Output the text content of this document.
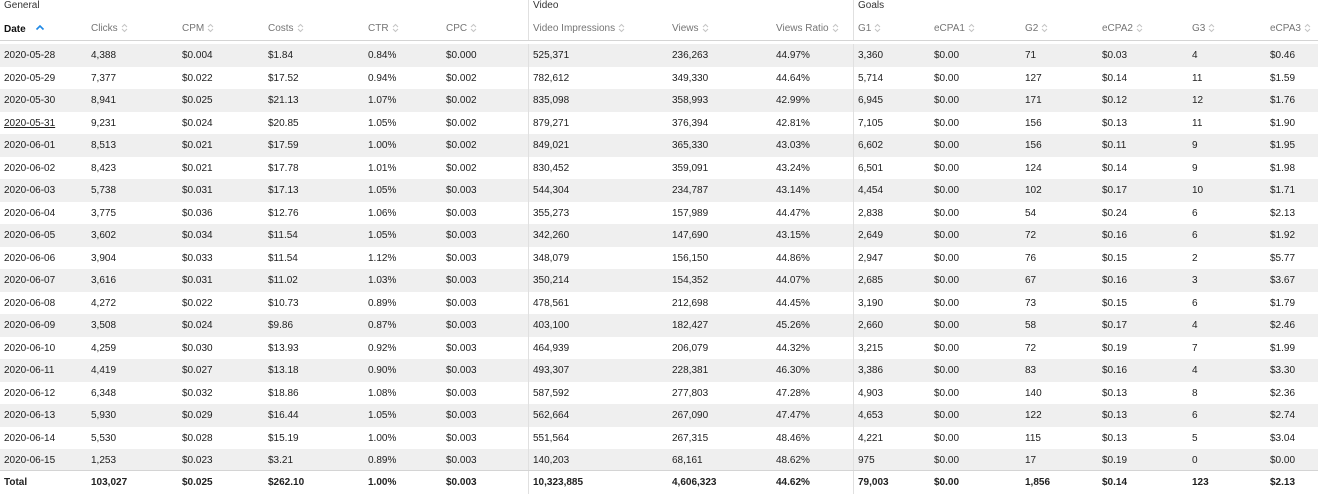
General	Video	Goals
Date	Clicks	CPM	Costs	CTR	CPC	Video Impressions	Views	Views Ratio	G1	eCPA1	G2	eCPA2	G3	eCPA3
2020-05-28	4,388	$0.004	$1.84	0.84%	$0.000	525,371	236,263	44.97%	3,360	$0.00	71	$0.03	4	$0.46
2020-05-29	7,377	$0.022	$17.52	0.94%	$0.002	782,612	349,330	44.64%	5,714	$0.00	127	$0.14	11	$1.59
2020-05-30	8,941	$0.025	$21.13	1.07%	$0.002	835,098	358,993	42.99%	6,945	$0.00	171	$0.12	12	$1.76
2020-05-31	9,231	$0.024	$20.85	1.05%	$0.002	879,271	376,394	42.81%	7,105	$0.00	156	$0.13	11	$1.90
2020-06-01	8,513	$0.021	$17.59	1.00%	$0.002	849,021	365,330	43.03%	6,602	$0.00	156	$0.11	9	$1.95
2020-06-02	8,423	$0.021	$17.78	1.01%	$0.002	830,452	359,091	43.24%	6,501	$0.00	124	$0.14	9	$1.98
2020-06-03	5,738	$0.031	$17.13	1.05%	$0.003	544,304	234,787	43.14%	4,454	$0.00	102	$0.17	10	$1.71
2020-06-04	3,775	$0.036	$12.76	1.06%	$0.003	355,273	157,989	44.47%	2,838	$0.00	54	$0.24	6	$2.13
2020-06-05	3,602	$0.034	$11.54	1.05%	$0.003	342,260	147,690	43.15%	2,649	$0.00	72	$0.16	6	$1.92
2020-06-06	3,904	$0.033	$11.54	1.12%	$0.003	348,079	156,150	44.86%	2,947	$0.00	76	$0.15	2	$5.77
2020-06-07	3,616	$0.031	$11.02	1.03%	$0.003	350,214	154,352	44.07%	2,685	$0.00	67	$0.16	3	$3.67
2020-06-08	4,272	$0.022	$10.73	0.89%	$0.003	478,561	212,698	44.45%	3,190	$0.00	73	$0.15	6	$1.79
2020-06-09	3,508	$0.024	$9.86	0.87%	$0.003	403,100	182,427	45.26%	2,660	$0.00	58	$0.17	4	$2.46
2020-06-10	4,259	$0.030	$13.93	0.92%	$0.003	464,939	206,079	44.32%	3,215	$0.00	72	$0.19	7	$1.99
2020-06-11	4,419	$0.027	$13.18	0.90%	$0.003	493,307	228,381	46.30%	3,386	$0.00	83	$0.16	4	$3.30
2020-06-12	6,348	$0.032	$18.86	1.08%	$0.003	587,592	277,803	47.28%	4,903	$0.00	140	$0.13	8	$2.36
2020-06-13	5,930	$0.029	$16.44	1.05%	$0.003	562,664	267,090	47.47%	4,653	$0.00	122	$0.13	6	$2.74
2020-06-14	5,530	$0.028	$15.19	1.00%	$0.003	551,564	267,315	48.46%	4,221	$0.00	115	$0.13	5	$3.04
2020-06-15	1,253	$0.023	$3.21	0.89%	$0.003	140,203	68,161	48.62%	975	$0.00	17	$0.19	0	$0.00
Total	103,027	$0.025	$262.10	1.00%	$0.003	10,323,885	4,606,323	44.62%	79,003	$0.00	1,856	$0.14	123	$2.13
